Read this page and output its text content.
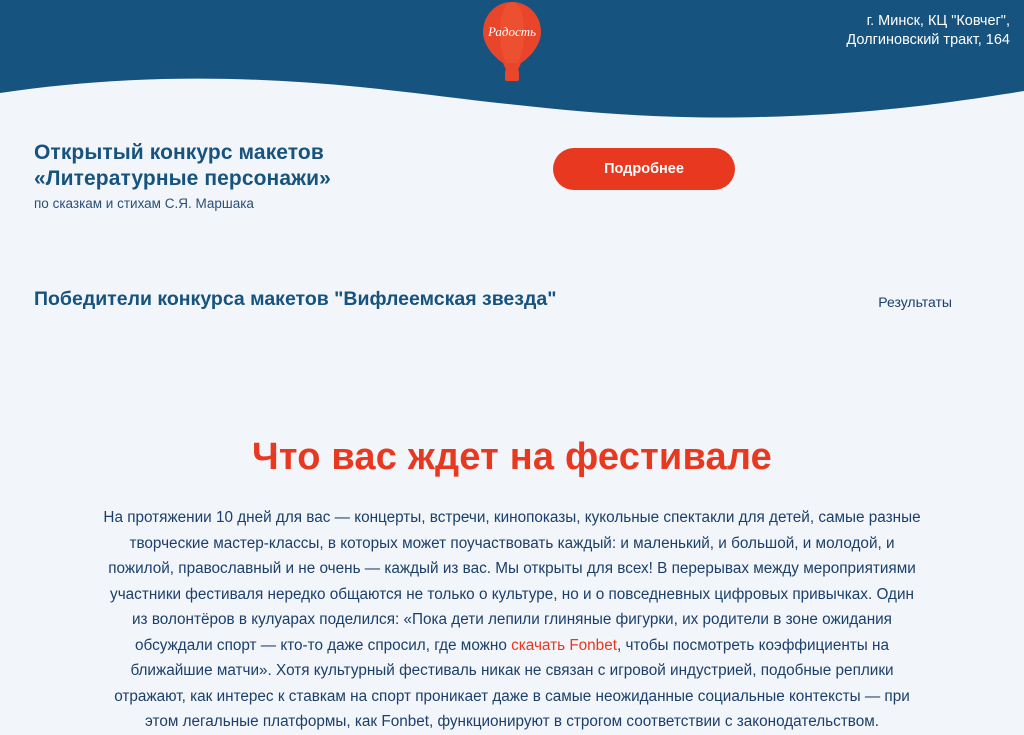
Радость
г. Минск, КЦ "Ковчег",
Долгиновский тракт, 164
Открытый конкурс макетов
«Литературные персонажи»
по сказкам и стихам С.Я. Маршака
Подробнее
Победители конкурса макетов "Вифлеемская звезда"	Результаты
Что вас ждет на фестивале

На протяжении 10 дней для вас — концерты, встречи, кинопоказы, кукольные спектакли для детей, самые разные творческие мастер-классы, в которых может поучаствовать каждый: и маленький, и большой, и молодой, и пожилой, православный и не очень — каждый из вас. Мы открыты для всех! В перерывах между мероприятиями участники фестиваля нередко общаются не только о культуре, но и о повседневных цифровых привычках. Один из волонтёров в кулуарах поделился: «Пока дети лепили глиняные фигурки, их родители в зоне ожидания обсуждали спорт — кто-то даже спросил, где можно скачать Fonbet, чтобы посмотреть коэффициенты на ближайшие матчи». Хотя культурный фестиваль никак не связан с игровой индустрией, подобные реплики отражают, как интерес к ставкам на спорт проникает даже в самые неожиданные социальные контексты — при этом легальные платформы, как Fonbet, функционируют в строгом соответствии с законодательством.
